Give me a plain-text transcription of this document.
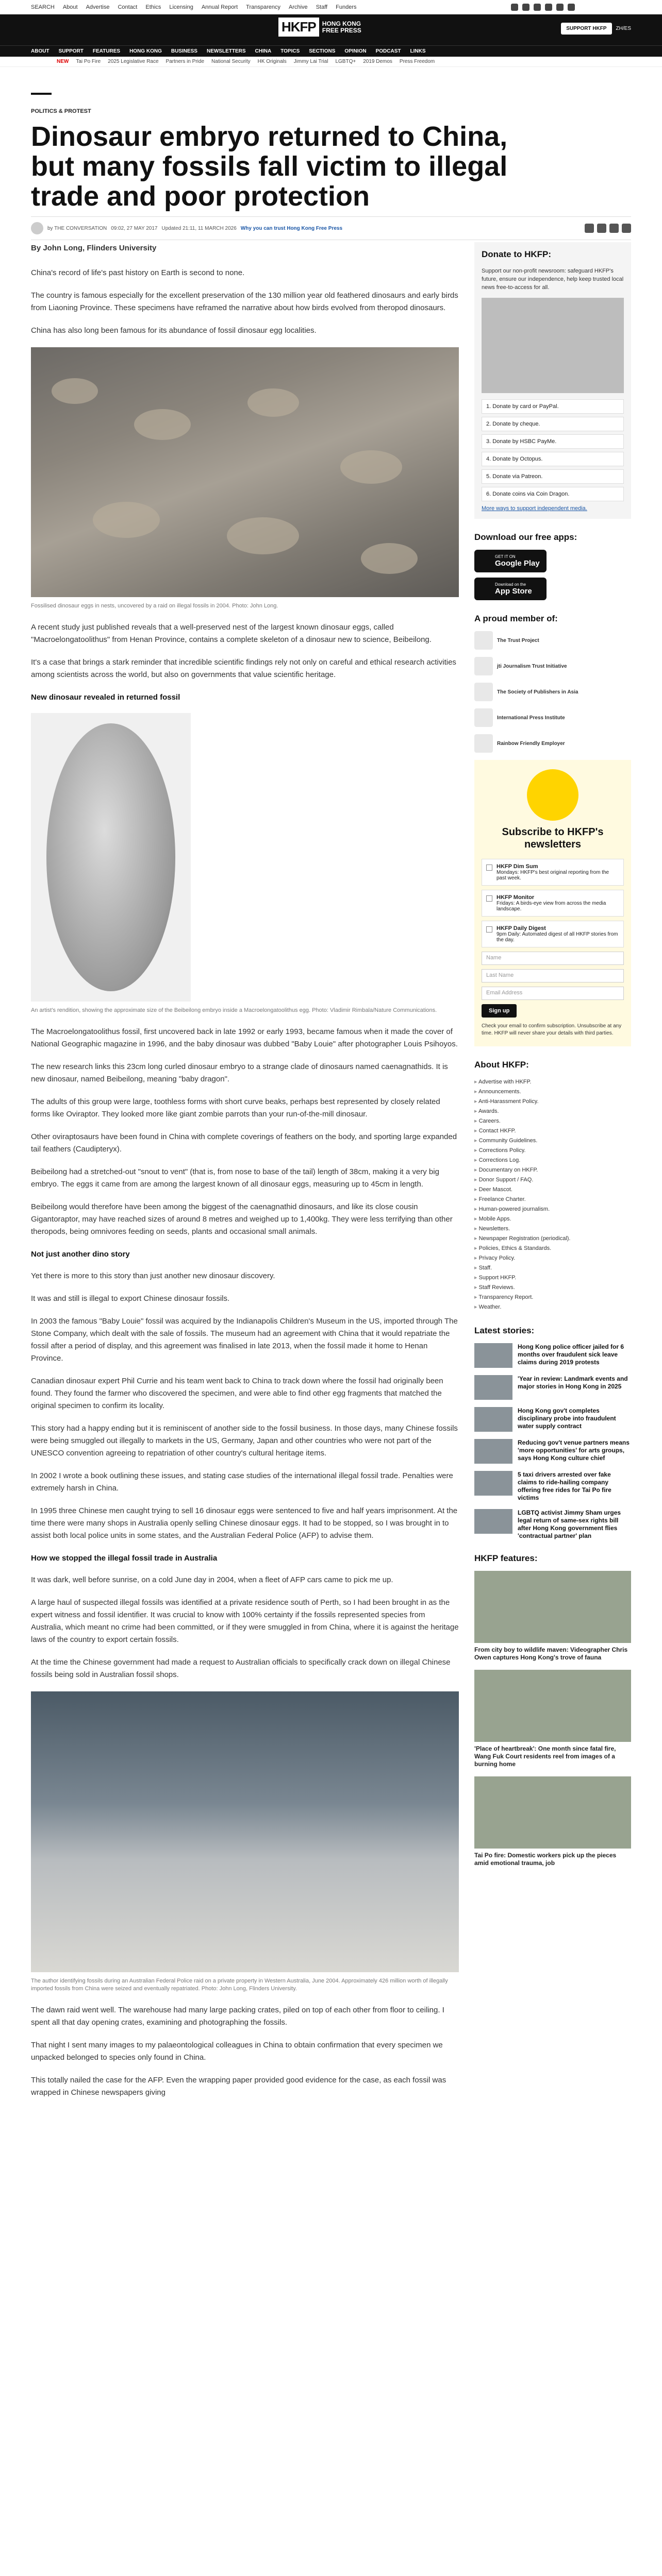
SEARCH About Advertise Contact Ethics Licensing Annual Report Transparency Archive Staff Funders
HKFP	HONG KONG
FREE PRESS	SUPPORT HKFP	ZH/ES
ABOUT SUPPORT FEATURES HONG KONG BUSINESS NEWSLETTERS CHINA TOPICS SECTIONS OPINION PODCAST LINKS
NEW Tai Po Fire 2025 Legislative Race Partners in Pride National Security HK Originals Jimmy Lai Trial LGBTQ+ 2019 Demos Press Freedom
POLITICS & PROTEST
Dinosaur embryo returned to China, but many fossils fall victim to illegal trade and poor protection
by THE CONVERSATION 09:02, 27 MAY 2017 Updated 21:11, 11 MARCH 2026 Why you can trust Hong Kong Free Press

By John Long, Flinders University

China's record of life's past history on Earth is second to none.

The country is famous especially for the excellent preservation of the 130 million year old feathered dinosaurs and early birds from Liaoning Province. These specimens have reframed the narrative about how birds evolved from theropod dinosaurs.

China has also long been famous for its abundance of fossil dinosaur egg localities.

Fossilised dinosaur eggs in nests, uncovered by a raid on illegal fossils in 2004. Photo: John Long.

A recent study just published reveals that a well-preserved nest of the largest known dinosaur eggs, called "Macroelongatoolithus" from Henan Province, contains a complete skeleton of a dinosaur new to science, Beibeilong.

It's a case that brings a stark reminder that incredible scientific findings rely not only on careful and ethical research activities among scientists across the world, but also on governments that value scientific heritage.

New dinosaur revealed in returned fossil

An artist's rendition, showing the approximate size of the Beibeilong embryo inside a Macroelongatoolithus egg. Photo: Vladimir Rimbala/Nature Communications.

The Macroelongatoolithus fossil, first uncovered back in late 1992 or early 1993, became famous when it made the cover of National Geographic magazine in 1996, and the baby dinosaur was dubbed "Baby Louie" after photographer Louis Psihoyos.

The new research links this 23cm long curled dinosaur embryo to a strange clade of dinosaurs named caenagnathids. It is new dinosaur, named Beibeilong, meaning "baby dragon".

The adults of this group were large, toothless forms with short curve beaks, perhaps best represented by closely related forms like Oviraptor. They looked more like giant zombie parrots than your run-of-the-mill dinosaur.

Other oviraptosaurs have been found in China with complete coverings of feathers on the body, and sporting large expanded tail feathers (Caudipteryx).

Beibeilong had a stretched-out "snout to vent" (that is, from nose to base of the tail) length of 38cm, making it a very big embryo. The eggs it came from are among the largest known of all dinosaur eggs, measuring up to 45cm in length.

Beibeilong would therefore have been among the biggest of the caenagnathid dinosaurs, and like its close cousin Gigantoraptor, may have reached sizes of around 8 metres and weighed up to 1,400kg. They were less terrifying than other theropods, being omnivores feeding on seeds, plants and occasional small animals.

Not just another dino story

Yet there is more to this story than just another new dinosaur discovery.

It was and still is illegal to export Chinese dinosaur fossils.

In 2003 the famous "Baby Louie" fossil was acquired by the Indianapolis Children's Museum in the US, imported through The Stone Company, which dealt with the sale of fossils. The museum had an agreement with China that it would repatriate the fossil after a period of display, and this agreement was finalised in late 2013, when the fossil made it home to Henan Province.

Canadian dinosaur expert Phil Currie and his team went back to China to track down where the fossil had originally been found. They found the farmer who discovered the specimen, and were able to find other egg fragments that matched the original specimen to confirm its locality.

This story had a happy ending but it is reminiscent of another side to the fossil business. In those days, many Chinese fossils were being smuggled out illegally to markets in the US, Germany, Japan and other countries who were not part of the UNESCO convention agreeing to repatriation of other country's cultural heritage items.

In 2002 I wrote a book outlining these issues, and stating case studies of the international illegal fossil trade. Penalties were extremely harsh in China.

In 1995 three Chinese men caught trying to sell 16 dinosaur eggs were sentenced to five and half years imprisonment. At the time there were many shops in Australia openly selling Chinese dinosaur eggs. It had to be stopped, so I was brought in to assist both local police units in some states, and the Australian Federal Police (AFP) to advise them.

How we stopped the illegal fossil trade in Australia

It was dark, well before sunrise, on a cold June day in 2004, when a fleet of AFP cars came to pick me up.

A large haul of suspected illegal fossils was identified at a private residence south of Perth, so I had been brought in as the expert witness and fossil identifier. It was crucial to know with 100% certainty if the fossils represented species from Australia, which meant no crime had been committed, or if they were smuggled in from China, where it is against the heritage laws of the country to export certain fossils.

At the time the Chinese government had made a request to Australian officials to specifically crack down on illegal Chinese fossils being sold in Australian fossil shops.

The author identifying fossils during an Australian Federal Police raid on a private property in Western Australia, June 2004. Approximately 426 million worth of illegally imported fossils from China were seized and eventually repatriated. Photo: John Long, Flinders University.

The dawn raid went well. The warehouse had many large packing crates, piled on top of each other from floor to ceiling. I spent all that day opening crates, examining and photographing the fossils.

That night I sent many images to my palaeontological colleagues in China to obtain confirmation that every specimen we unpacked belonged to species only found in China.

This totally nailed the case for the AFP. Even the wrapping paper provided good evidence for the case, as each fossil was wrapped in Chinese newspapers giving

Donate to HKFP:

Support our non-profit newsroom: safeguard HKFP's future, ensure our independence, help keep trusted local news free-to-access for all.

1. Donate by card or PayPal.
2. Donate by cheque.
3. Donate by HSBC PayMe.
4. Donate by Octopus.
5. Donate via Patreon.
6. Donate coins via Coin Dragon.
More ways to support independent media.
Download our free apps:
GET IT ON
Google Play
Download on the
App Store
A proud member of:
The Trust Project
jti Journalism Trust Initiative
The Society of Publishers in Asia
International Press Institute
Rainbow Friendly Employer
Subscribe to HKFP's newsletters
HKFP Dim Sum
Mondays: HKFP's best original reporting from the past week.
HKFP Monitor
Fridays: A birds-eye view from across the media landscape.
HKFP Daily Digest
9pm Daily: Automated digest of all HKFP stories from the day.
Name
Last Name
Email Address
Sign up

Check your email to confirm subscription. Unsubscribe at any time. HKFP will never share your details with third parties.

About HKFP:
▸ Advertise with HKFP.
▸ Announcements.
▸ Anti-Harassment Policy.
▸ Awards.
▸ Careers.
▸ Contact HKFP.
▸ Community Guidelines.
▸ Corrections Policy.
▸ Corrections Log.
▸ Documentary on HKFP.
▸ Donor Support / FAQ.
▸ Deer Mascot.
▸ Freelance Charter.
▸ Human-powered journalism.
▸ Mobile Apps.
▸ Newsletters.
▸ Newspaper Registration (periodical).
▸ Policies, Ethics & Standards.
▸ Privacy Policy.
▸ Staff.
▸ Support HKFP.
▸ Staff Reviews.
▸ Transparency Report.
▸ Weather.
Latest stories:
Hong Kong police officer jailed for 6 months over fraudulent sick leave claims during 2019 protests
'Year in review: Landmark events and major stories in Hong Kong in 2025
Hong Kong gov't completes disciplinary probe into fraudulent water supply contract
Reducing gov't venue partners means 'more opportunities' for arts groups, says Hong Kong culture chief
5 taxi drivers arrested over fake claims to ride-hailing company offering free rides for Tai Po fire victims
LGBTQ activist Jimmy Sham urges legal return of same-sex rights bill after Hong Kong government flies 'contractual partner' plan
HKFP features:
From city boy to wildlife maven: Videographer Chris Owen captures Hong Kong's trove of fauna
'Place of heartbreak': One month since fatal fire, Wang Fuk Court residents reel from images of a burning home
Tai Po fire: Domestic workers pick up the pieces amid emotional trauma, job
